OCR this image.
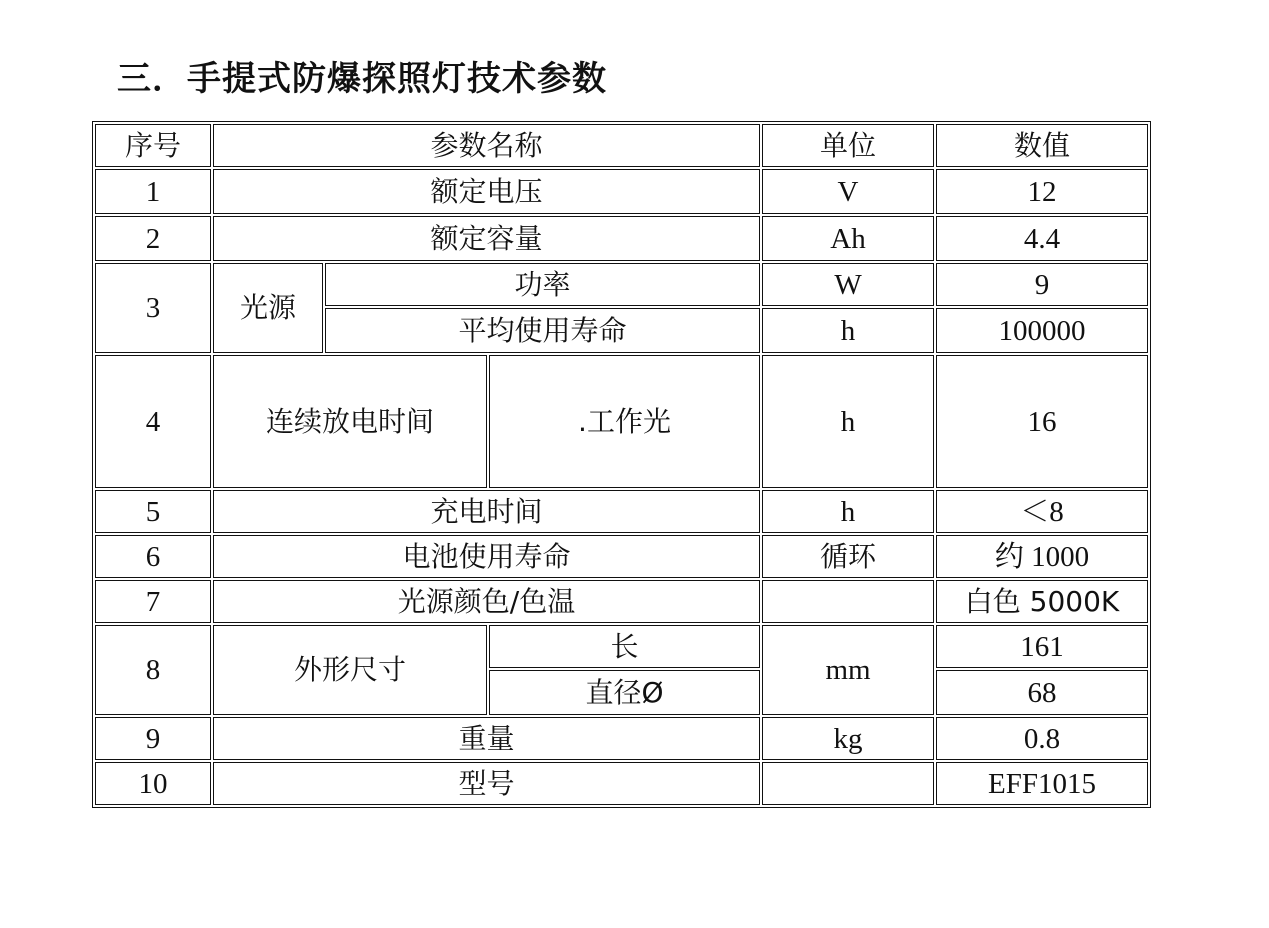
三．手提式防爆探照灯技术参数
序号	参数名称			单位	数值
1	额定电压			V	12
2	额定容量			Ah	4.4
3	光源	功率		W	9
		平均使用寿命		h	100000
4	连续放电时间		.工作光	h	16
5	充电时间			h	＜8
6	电池使用寿命			循环	约 1000
7	光源颜色/色温				白色 5000K
8	外形尺寸		长	mm	161
			直径Ø		68
9	重量			kg	0.8
10	型号				EFF1015
